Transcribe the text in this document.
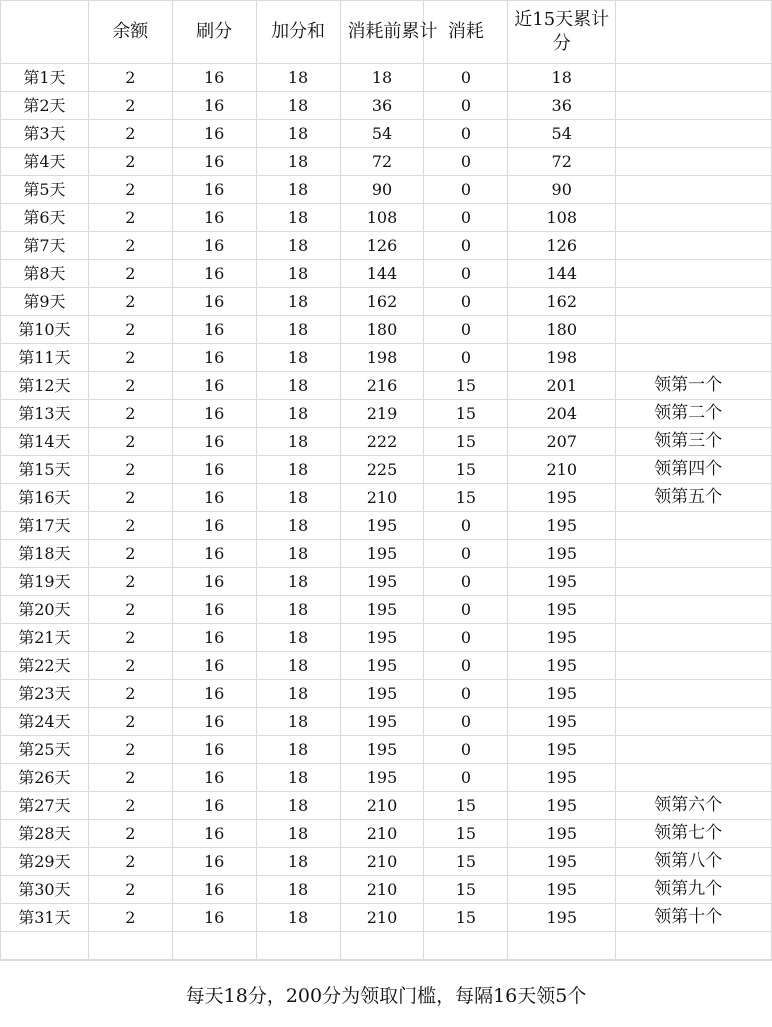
	余额	刷分	加分和	消耗前累计	消耗	近15天累计分	
第1天	2	16	18	18	0	18	
第2天	2	16	18	36	0	36	
第3天	2	16	18	54	0	54	
第4天	2	16	18	72	0	72	
第5天	2	16	18	90	0	90	
第6天	2	16	18	108	0	108	
第7天	2	16	18	126	0	126	
第8天	2	16	18	144	0	144	
第9天	2	16	18	162	0	162	
第10天	2	16	18	180	0	180	
第11天	2	16	18	198	0	198	
第12天	2	16	18	216	15	201	领第一个
第13天	2	16	18	219	15	204	领第二个
第14天	2	16	18	222	15	207	领第三个
第15天	2	16	18	225	15	210	领第四个
第16天	2	16	18	210	15	195	领第五个
第17天	2	16	18	195	0	195	
第18天	2	16	18	195	0	195	
第19天	2	16	18	195	0	195	
第20天	2	16	18	195	0	195	
第21天	2	16	18	195	0	195	
第22天	2	16	18	195	0	195	
第23天	2	16	18	195	0	195	
第24天	2	16	18	195	0	195	
第25天	2	16	18	195	0	195	
第26天	2	16	18	195	0	195	
第27天	2	16	18	210	15	195	领第六个
第28天	2	16	18	210	15	195	领第七个
第29天	2	16	18	210	15	195	领第八个
第30天	2	16	18	210	15	195	领第九个
第31天	2	16	18	210	15	195	领第十个

每天18分，200分为领取门槛，每隔16天领5个
